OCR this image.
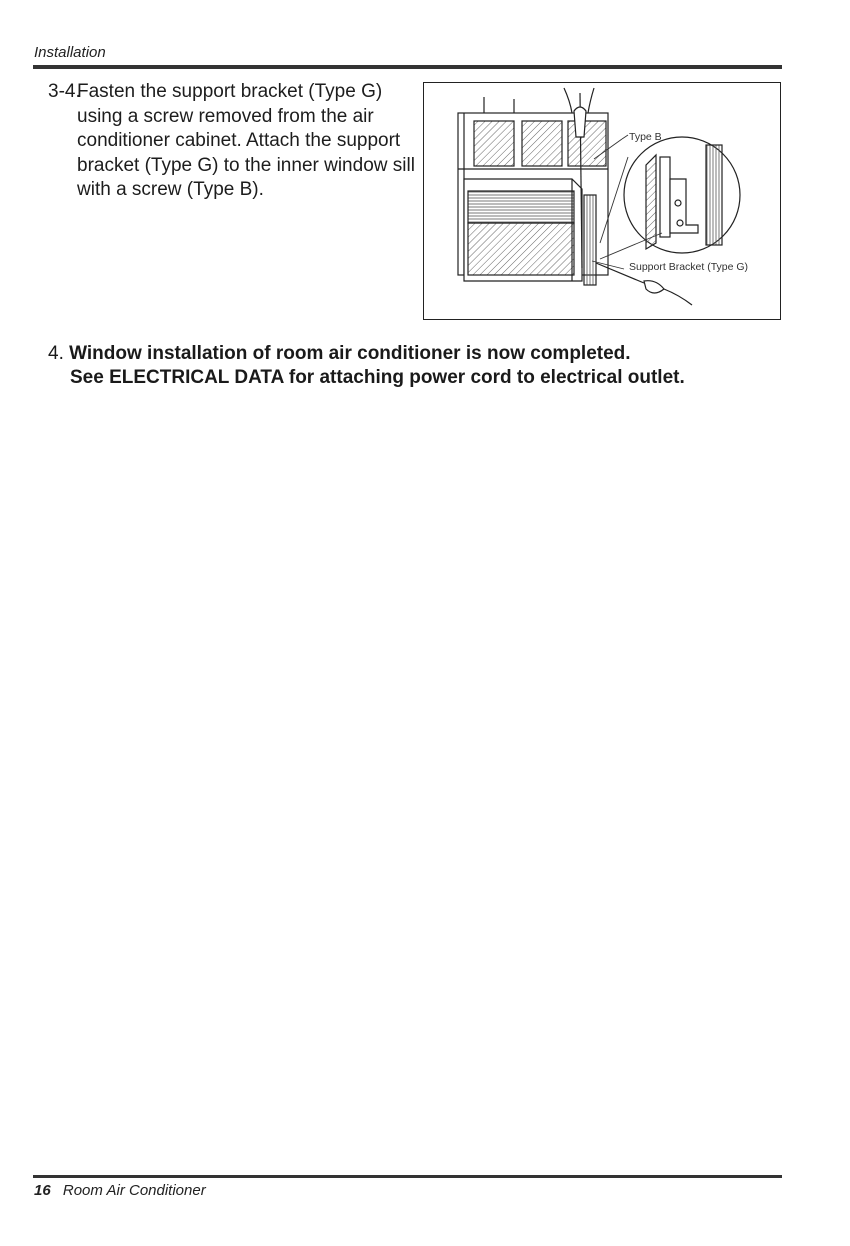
Installation
3-4.
Fasten the support bracket (Type G) using a screw removed from the air conditioner cabinet. Attach the support bracket (Type G) to the inner window sill with a screw (Type B).
Type B
Support Bracket (Type G)
4. Window installation of room air conditioner is now completed.
See ELECTRICAL DATA for attaching power cord to electrical outlet.
16 Room Air Conditioner
